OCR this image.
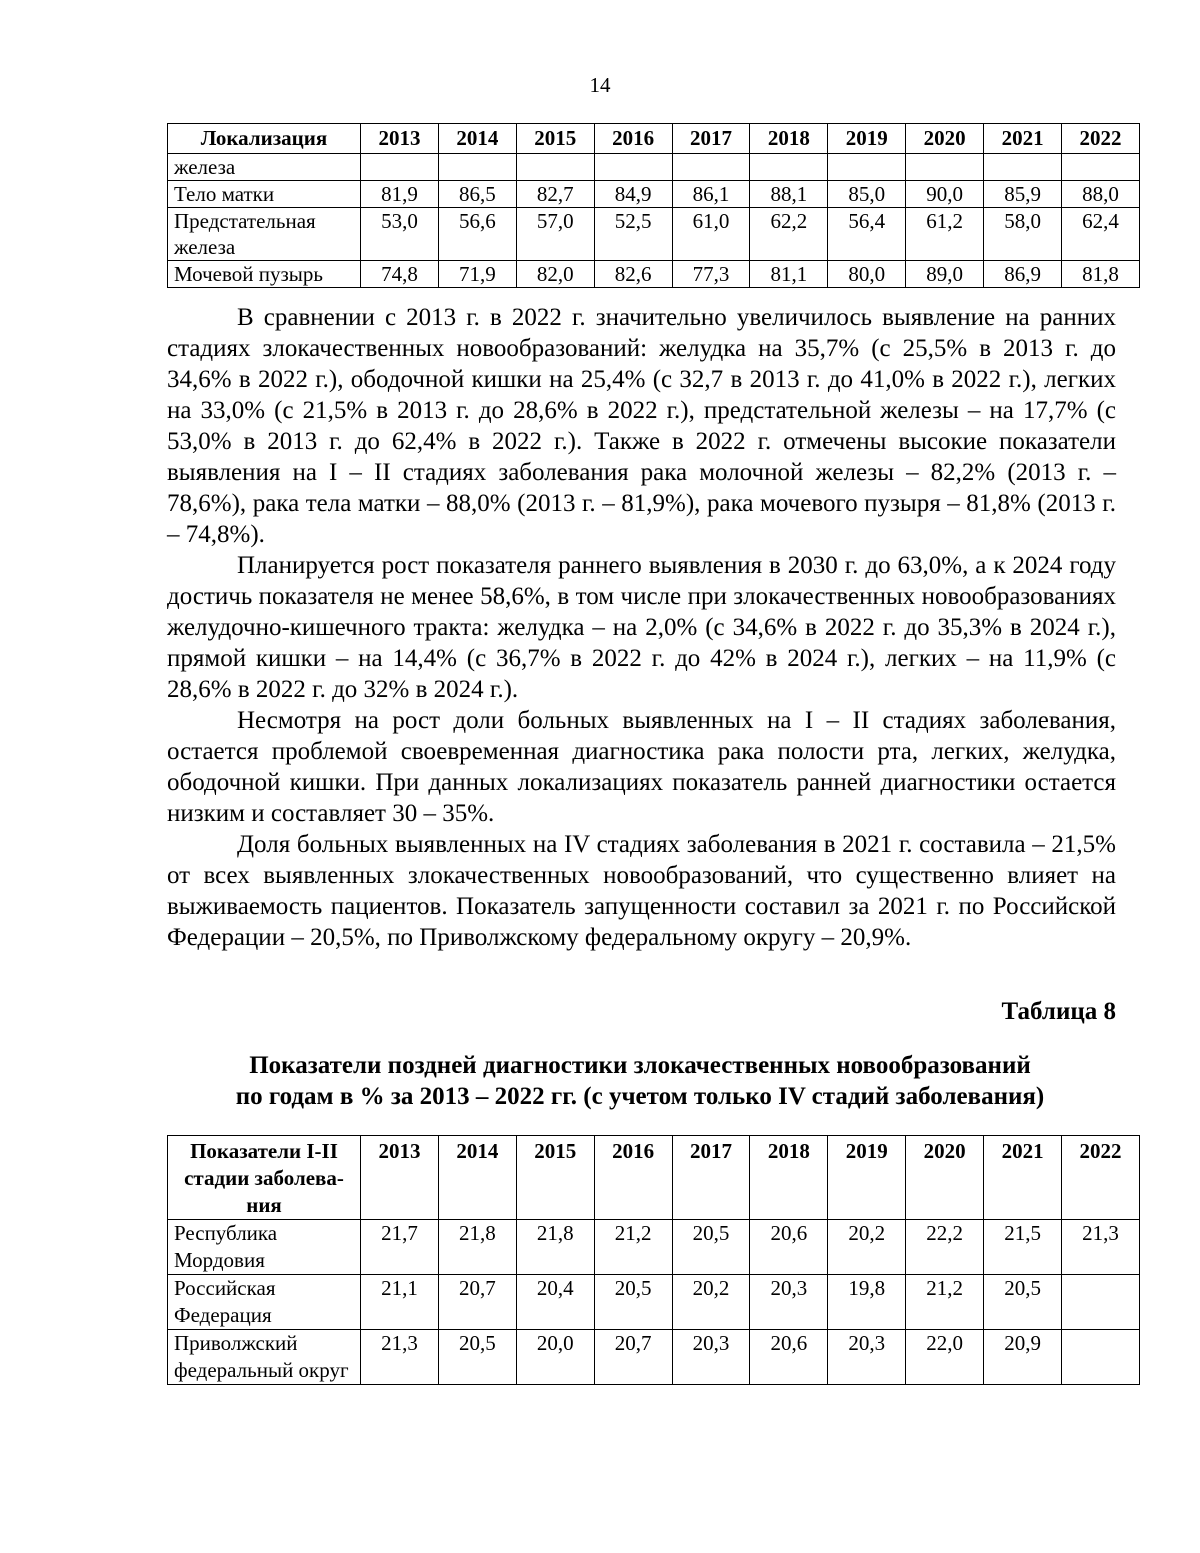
14
Локализация	2013	2014	2015	2016	2017	2018	2019	2020	2021	2022
железа										
Тело матки	81,9	86,5	82,7	84,9	86,1	88,1	85,0	90,0	85,9	88,0
Предстательная железа	53,0	56,6	57,0	52,5	61,0	62,2	56,4	61,2	58,0	62,4
Мочевой пузырь	74,8	71,9	82,0	82,6	77,3	81,1	80,0	89,0	86,9	81,8

В сравнении с 2013 г. в 2022 г. значительно увеличилось выявление на ранних стадиях злокачественных новообразований: желудка на 35,7% (с 25,5% в 2013 г. до 34,6% в 2022 г.), ободочной кишки на 25,4% (с 32,7 в 2013 г. до 41,0% в 2022 г.), легких на 33,0% (с 21,5% в 2013 г. до 28,6% в 2022 г.), предстательной железы – на 17,7% (с 53,0% в 2013 г. до 62,4% в 2022 г.). Также в 2022 г. отмечены высокие показатели выявления на I – II стадиях заболевания рака молочной железы – 82,2% (2013 г. – 78,6%), рака тела матки – 88,0% (2013 г. – 81,9%), рака мочевого пузыря – 81,8% (2013 г. – 74,8%).

Планируется рост показателя раннего выявления в 2030 г. до 63,0%, а к 2024 году достичь показателя не менее 58,6%, в том числе при злокачественных новообразованиях желудочно-кишечного тракта: желудка – на 2,0% (с 34,6% в 2022 г. до 35,3% в 2024 г.), прямой кишки – на 14,4% (с 36,7% в 2022 г. до 42% в 2024 г.), легких – на 11,9% (с 28,6% в 2022 г. до 32% в 2024 г.).

Несмотря на рост доли больных выявленных на I – II стадиях заболевания, остается проблемой своевременная диагностика рака полости рта, легких, желудка, ободочной кишки. При данных локализациях показатель ранней диагностики остается низким и составляет 30 – 35%.

Доля больных выявленных на IV стадиях заболевания в 2021 г. составила – 21,5% от всех выявленных злокачественных новообразований, что существенно влияет на выживаемость пациентов. Показатель запущенности составил за 2021 г. по Российской Федерации – 20,5%, по Приволжскому федеральному округу – 20,9%.

Таблица 8
Показатели поздней диагностики злокачественных новообразований
по годам в % за 2013 – 2022 гг. (с учетом только IV стадий заболевания)
Показатели I-II стадии заболева-ния	2013	2014	2015	2016	2017	2018	2019	2020	2021	2022
Республика Мордовия	21,7	21,8	21,8	21,2	20,5	20,6	20,2	22,2	21,5	21,3
Российская Федерация	21,1	20,7	20,4	20,5	20,2	20,3	19,8	21,2	20,5	
Приволжский федеральный округ	21,3	20,5	20,0	20,7	20,3	20,6	20,3	22,0	20,9	
